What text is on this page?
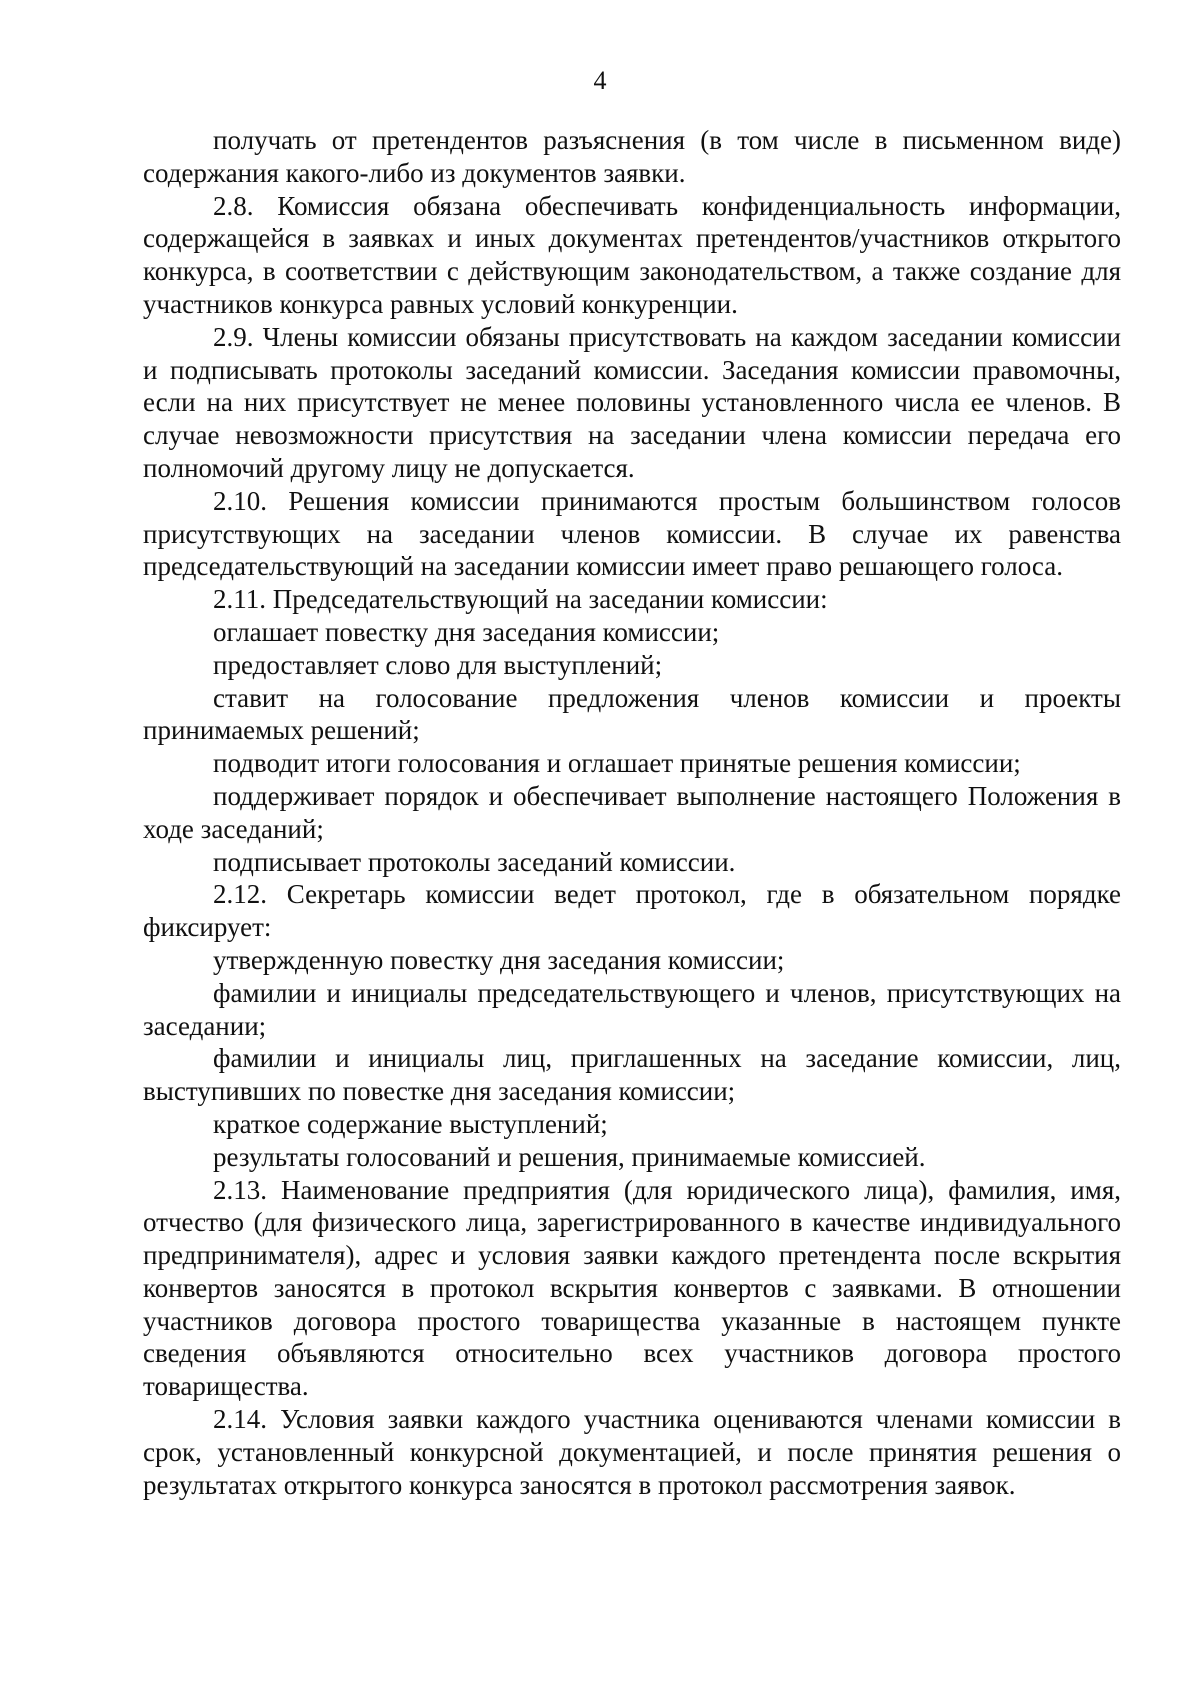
4

получать от претендентов разъяснения (в том числе в письменном виде) содержания какого-либо из документов заявки.

2.8. Комиссия обязана обеспечивать конфиденциальность информации, содержащейся в заявках и иных документах претендентов/участников открытого конкурса, в соответствии с действующим законодательством, а также создание для участников конкурса равных условий конкуренции.

2.9. Члены комиссии обязаны присутствовать на каждом заседании комиссии и подписывать протоколы заседаний комиссии. Заседания комиссии правомочны, если на них присутствует не менее половины установленного числа ее членов. В случае невозможности присутствия на заседании члена комиссии передача его полномочий другому лицу не допускается.

2.10. Решения комиссии принимаются простым большинством голосов присутствующих на заседании членов комиссии. В случае их равенства председательствующий на заседании комиссии имеет право решающего голоса.

2.11. Председательствующий на заседании комиссии:

оглашает повестку дня заседания комиссии;

предоставляет слово для выступлений;

ставит на голосование предложения членов комиссии и проекты принимаемых решений;

подводит итоги голосования и оглашает принятые решения комиссии;

поддерживает порядок и обеспечивает выполнение настоящего Положения в ходе заседаний;

подписывает протоколы заседаний комиссии.

2.12. Секретарь комиссии ведет протокол, где в обязательном порядке фиксирует:

утвержденную повестку дня заседания комиссии;

фамилии и инициалы председательствующего и членов, присутствующих на заседании;

фамилии и инициалы лиц, приглашенных на заседание комиссии, лиц, выступивших по повестке дня заседания комиссии;

краткое содержание выступлений;

результаты голосований и решения, принимаемые комиссией.

2.13. Наименование предприятия (для юридического лица), фамилия, имя, отчество (для физического лица, зарегистрированного в качестве индивидуального предпринимателя), адрес и условия заявки каждого претендента после вскрытия конвертов заносятся в протокол вскрытия конвертов с заявками. В отношении участников договора простого товарищества указанные в настоящем пункте сведения объявляются относительно всех участников договора простого товарищества.

2.14. Условия заявки каждого участника оцениваются членами комиссии в срок, установленный конкурсной документацией, и после принятия решения о результатах открытого конкурса заносятся в протокол рассмотрения заявок.
